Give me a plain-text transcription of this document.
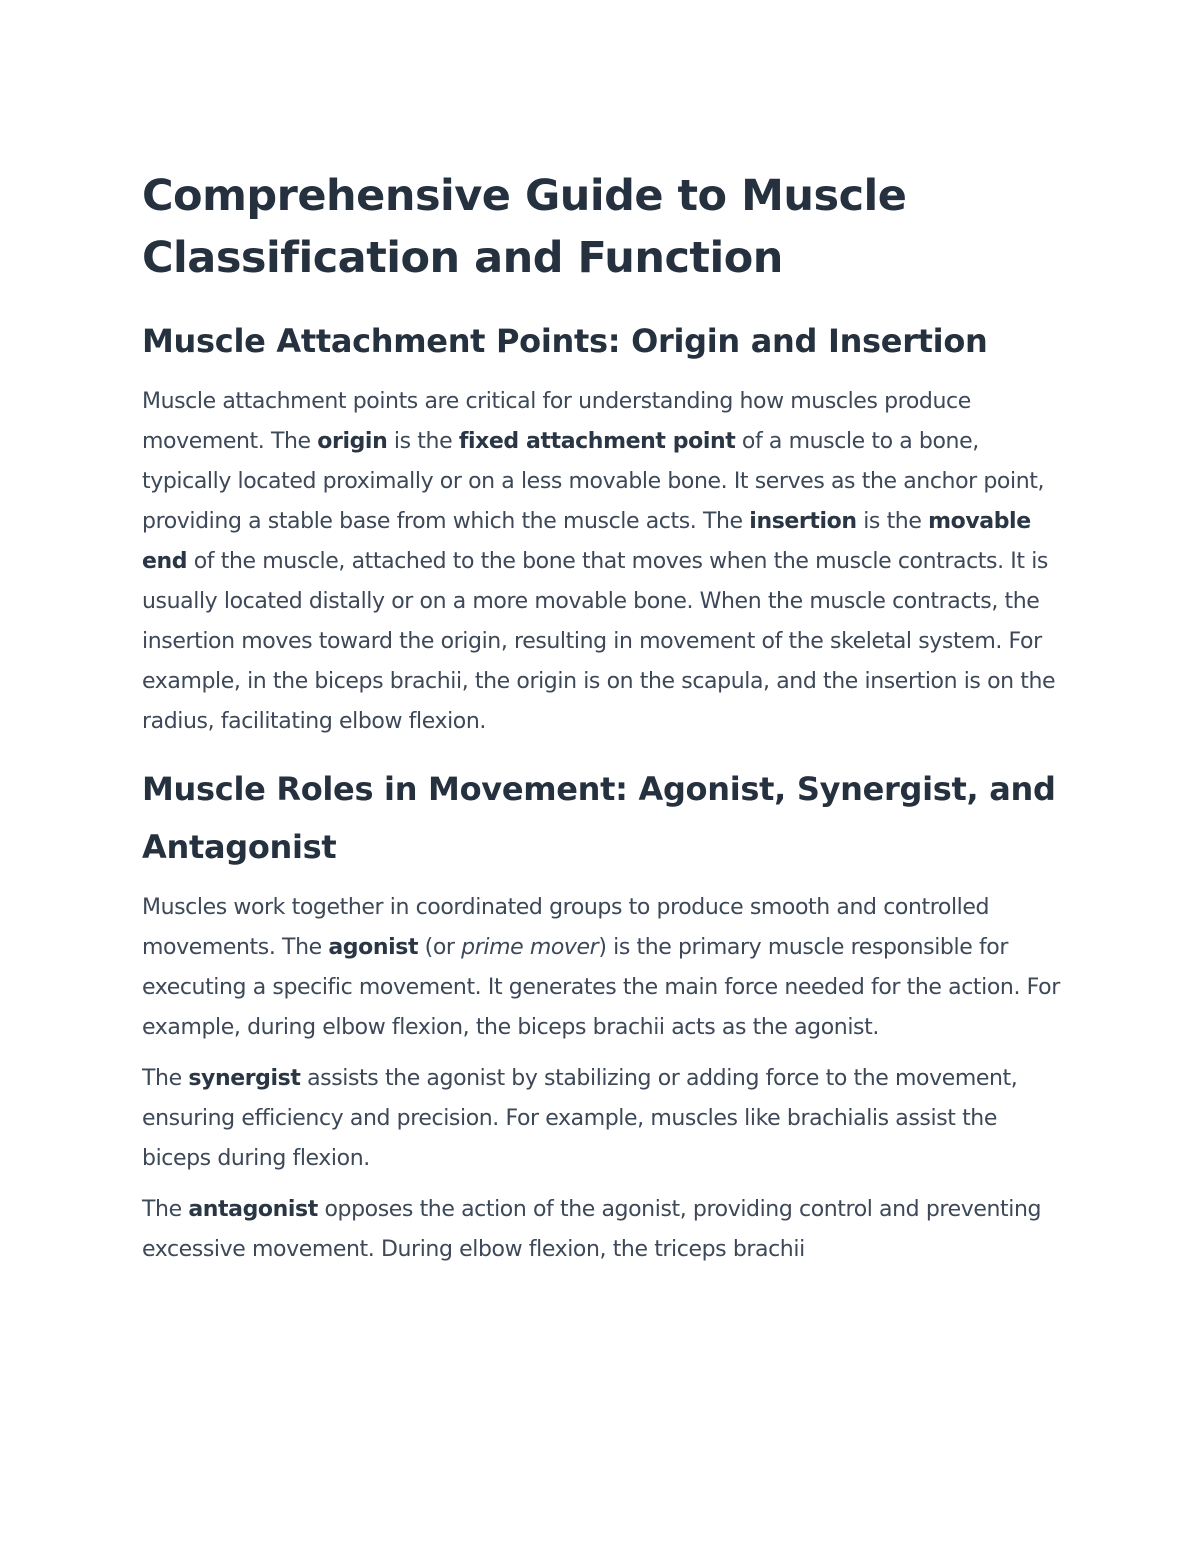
Comprehensive Guide to Muscle Classification and Function
Muscle Attachment Points: Origin and Insertion

Muscle attachment points are critical for understanding how muscles produce movement. The origin is the fixed attachment point of a muscle to a bone, typically located proximally or on a less movable bone. It serves as the anchor point, providing a stable base from which the muscle acts. The insertion is the movable end of the muscle, attached to the bone that moves when the muscle contracts. It is usually located distally or on a more movable bone. When the muscle contracts, the insertion moves toward the origin, resulting in movement of the skeletal system. For example, in the biceps brachii, the origin is on the scapula, and the insertion is on the radius, facilitating elbow flexion.

Muscle Roles in Movement: Agonist, Synergist, and Antagonist

Muscles work together in coordinated groups to produce smooth and controlled movements. The agonist (or prime mover) is the primary muscle responsible for executing a specific movement. It generates the main force needed for the action. For example, during elbow flexion, the biceps brachii acts as the agonist.

The synergist assists the agonist by stabilizing or adding force to the movement, ensuring efficiency and precision. For example, muscles like brachialis assist the biceps during flexion.

The antagonist opposes the action of the agonist, providing control and preventing excessive movement. During elbow flexion, the triceps brachii
